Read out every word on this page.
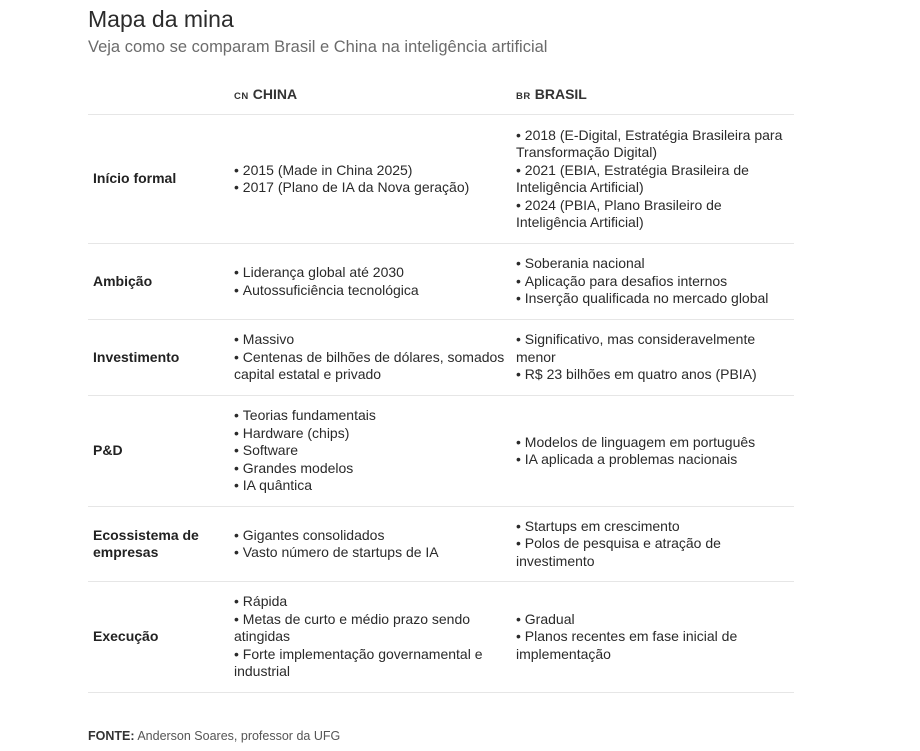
Mapa da mina

Veja como se comparam Brasil e China na inteligência artificial

CN CHINA	BR BRASIL
Início formal
• 2015 (Made in China 2025)
• 2017 (Plano de IA da Nova geração)
• 2018 (E-Digital, Estratégia Brasileira para Transformação Digital)
• 2021 (EBIA, Estratégia Brasileira de Inteligência Artificial)
• 2024 (PBIA, Plano Brasileiro de Inteligência Artificial)
Ambição
• Liderança global até 2030
• Autossuficiência tecnológica
• Soberania nacional
• Aplicação para desafios internos
• Inserção qualificada no mercado global
Investimento
• Massivo
• Centenas de bilhões de dólares, somados capital estatal e privado
• Significativo, mas consideravelmente menor
• R$ 23 bilhões em quatro anos (PBIA)
P&D
• Teorias fundamentais
• Hardware (chips)
• Software
• Grandes modelos
• IA quântica
• Modelos de linguagem em português
• IA aplicada a problemas nacionais
Ecossistema de empresas
• Gigantes consolidados
• Vasto número de startups de IA
• Startups em crescimento
• Polos de pesquisa e atração de investimento
Execução
• Rápida
• Metas de curto e médio prazo sendo atingidas
• Forte implementação governamental e industrial
• Gradual
• Planos recentes em fase inicial de implementação
FONTE: Anderson Soares, professor da UFG
